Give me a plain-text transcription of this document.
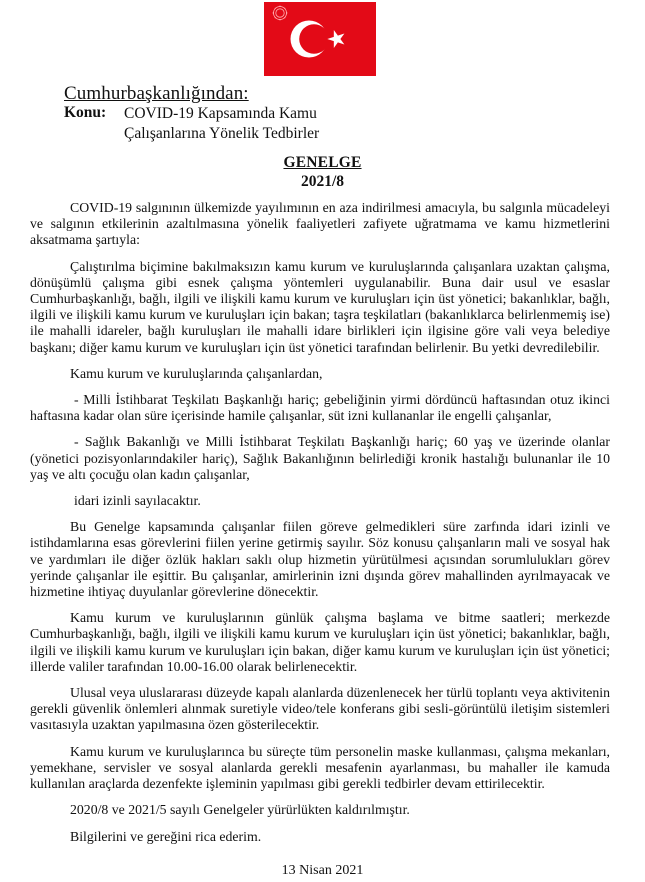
Cumhurbaşkanlığından:
Konu: COVID-19 Kapsamında Kamu Çalışanlarına Yönelik Tedbirler
GENELGE
2021/8

COVID-19 salgınının ülkemizde yayılımının en aza indirilmesi amacıyla, bu salgınla mücadeleyi ve salgının etkilerinin azaltılmasına yönelik faaliyetleri zafiyete uğratmama ve kamu hizmetlerini aksatmama şartıyla:

Çalıştırılma biçimine bakılmaksızın kamu kurum ve kuruluşlarında çalışanlara uzaktan çalışma, dönüşümlü çalışma gibi esnek çalışma yöntemleri uygulanabilir. Buna dair usul ve esaslar Cumhurbaşkanlığı, bağlı, ilgili ve ilişkili kamu kurum ve kuruluşları için üst yönetici; bakanlıklar, bağlı, ilgili ve ilişkili kamu kurum ve kuruluşları için bakan; taşra teşkilatları (bakanlıklarca belirlenmemiş ise) ile mahalli idareler, bağlı kuruluşları ile mahalli idare birlikleri için ilgisine göre vali veya belediye başkanı; diğer kamu kurum ve kuruluşları için üst yönetici tarafından belirlenir. Bu yetki devredilebilir.

Kamu kurum ve kuruluşlarında çalışanlardan,

- Milli İstihbarat Teşkilatı Başkanlığı hariç; gebeliğinin yirmi dördüncü haftasından otuz ikinci haftasına kadar olan süre içerisinde hamile çalışanlar, süt izni kullananlar ile engelli çalışanlar,

- Sağlık Bakanlığı ve Milli İstihbarat Teşkilatı Başkanlığı hariç; 60 yaş ve üzerinde olanlar (yönetici pozisyonlarındakiler hariç), Sağlık Bakanlığının belirlediği kronik hastalığı bulunanlar ile 10 yaş ve altı çocuğu olan kadın çalışanlar,

idari izinli sayılacaktır.

Bu Genelge kapsamında çalışanlar fiilen göreve gelmedikleri süre zarfında idari izinli ve istihdamlarına esas görevlerini fiilen yerine getirmiş sayılır. Söz konusu çalışanların mali ve sosyal hak ve yardımları ile diğer özlük hakları saklı olup hizmetin yürütülmesi açısından sorumlulukları görev yerinde çalışanlar ile eşittir. Bu çalışanlar, amirlerinin izni dışında görev mahallinden ayrılmayacak ve hizmetine ihtiyaç duyulanlar görevlerine dönecektir.

Kamu kurum ve kuruluşlarının günlük çalışma başlama ve bitme saatleri; merkezde Cumhurbaşkanlığı, bağlı, ilgili ve ilişkili kamu kurum ve kuruluşları için üst yönetici; bakanlıklar, bağlı, ilgili ve ilişkili kamu kurum ve kuruluşları için bakan, diğer kamu kurum ve kuruluşları için üst yönetici; illerde valiler tarafından 10.00-16.00 olarak belirlenecektir.

Ulusal veya uluslararası düzeyde kapalı alanlarda düzenlenecek her türlü toplantı veya aktivitenin gerekli güvenlik önlemleri alınmak suretiyle video/tele konferans gibi sesli-görüntülü iletişim sistemleri vasıtasıyla uzaktan yapılmasına özen gösterilecektir.

Kamu kurum ve kuruluşlarınca bu süreçte tüm personelin maske kullanması, çalışma mekanları, yemekhane, servisler ve sosyal alanlarda gerekli mesafenin ayarlanması, bu mahaller ile kamuda kullanılan araçlarda dezenfekte işleminin yapılması gibi gerekli tedbirler devam ettirilecektir.

2020/8 ve 2021/5 sayılı Genelgeler yürürlükten kaldırılmıştır.

Bilgilerini ve gereğini rica ederim.

13 Nisan 2021
